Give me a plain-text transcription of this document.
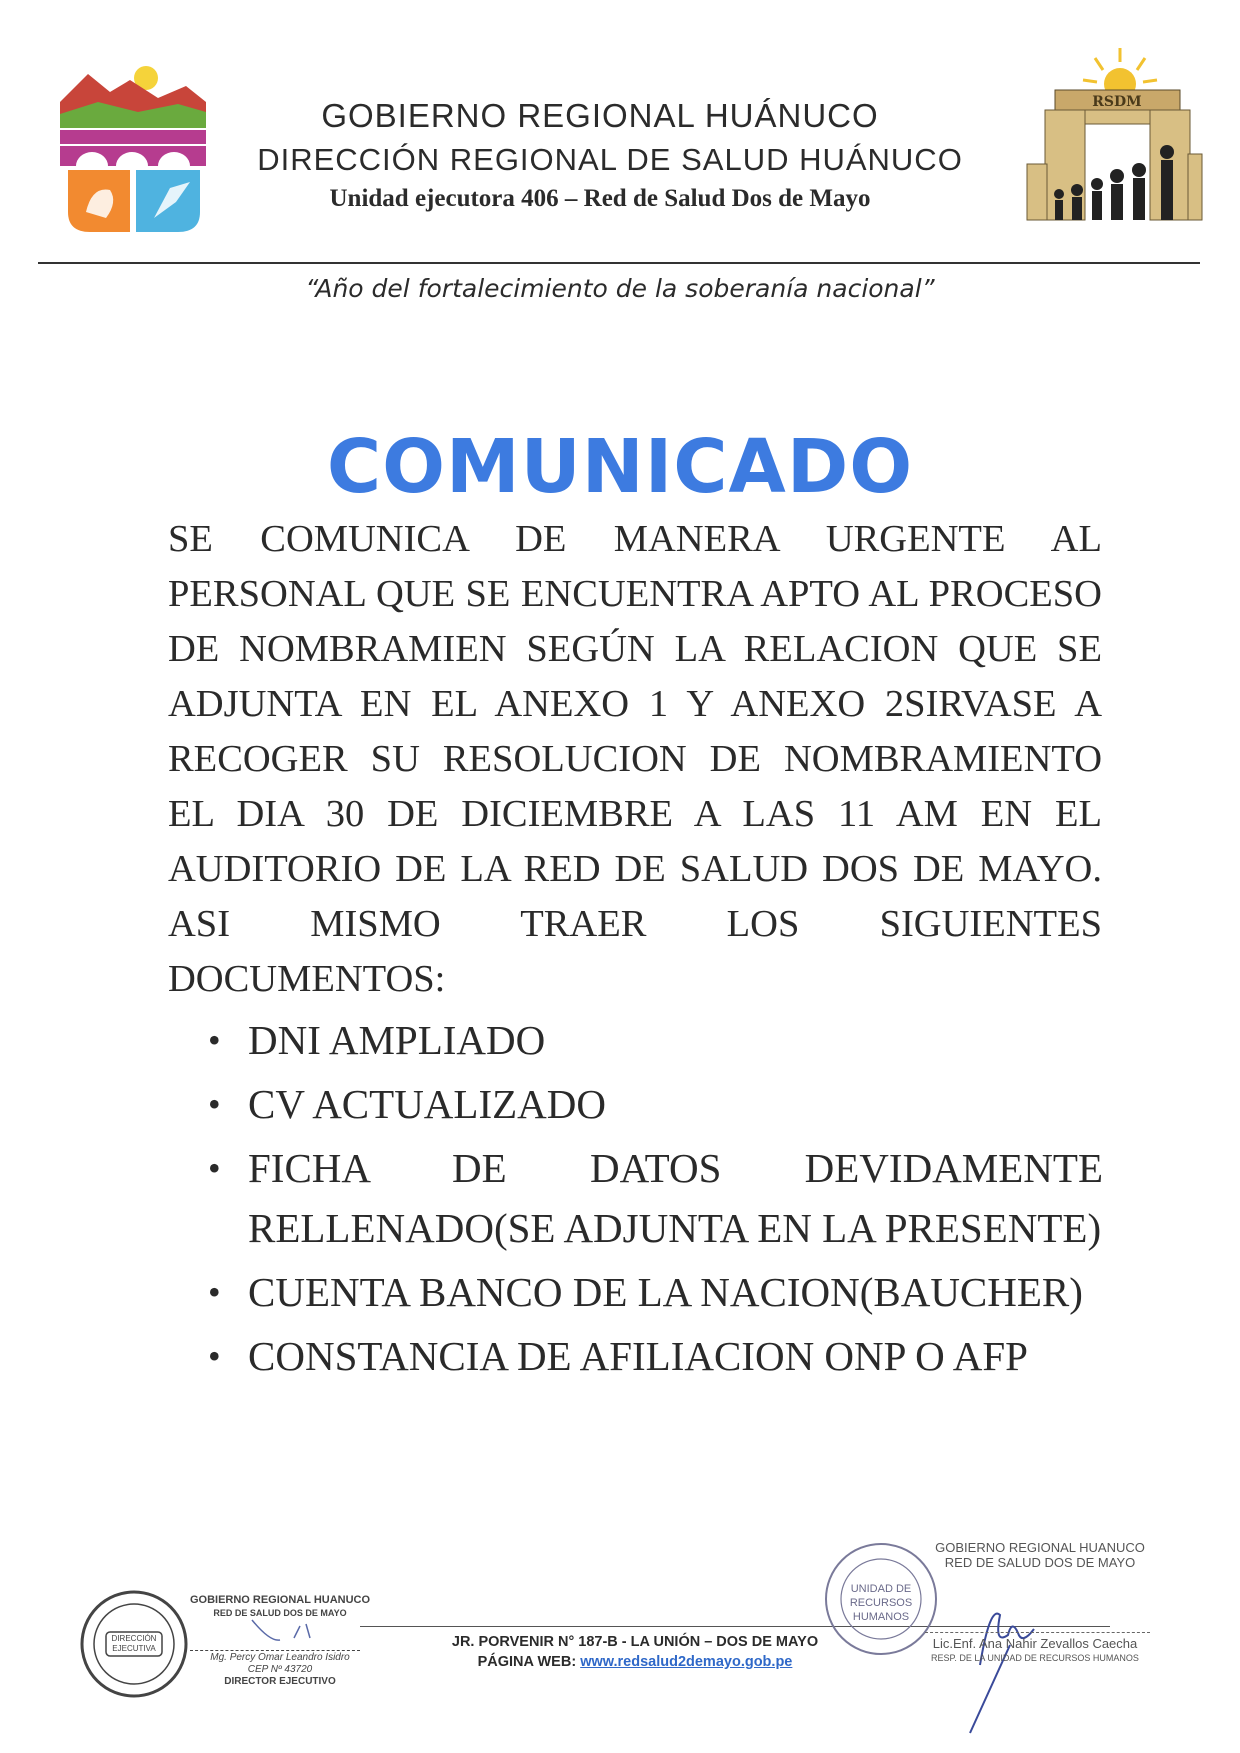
RSDM
GOBIERNO REGIONAL HUÁNUCO
DIRECCIÓN REGIONAL DE SALUD HUÁNUCO
Unidad ejecutora 406 – Red de Salud Dos de Mayo
“Año del fortalecimiento de la soberanía nacional”
COMUNICADO
SE COMUNICA DE MANERA URGENTE AL PERSONAL QUE SE ENCUENTRA APTO AL PROCESO DE NOMBRAMIEN SEGÚN LA RELACION QUE SE ADJUNTA EN EL ANEXO 1 Y ANEXO 2SIRVASE A RECOGER SU RESOLUCION DE NOMBRAMIENTO EL DIA 30 DE DICIEMBRE A LAS 11 AM EN EL AUDITORIO DE LA RED DE SALUD DOS DE MAYO. ASI MISMO TRAER LOS SIGUIENTES DOCUMENTOS:
• DNI AMPLIADO
• CV ACTUALIZADO
• FICHA DE DATOS DEVIDAMENTE RELLENADO(SE ADJUNTA EN LA PRESENTE)
• CUENTA BANCO DE LA NACION(BAUCHER)
• CONSTANCIA DE AFILIACION ONP O AFP
DIRECCIÓN EJECUTIVA
GOBIERNO REGIONAL HUANUCO
RED DE SALUD DOS DE MAYO
Mg. Percy Omar Leandro Isidro
CEP Nº 43720
DIRECTOR EJECUTIVO
JR. PORVENIR N° 187-B - LA UNIÓN – DOS DE MAYO
PÁGINA WEB: www.redsalud2demayo.gob.pe
UNIDAD DE RECURSOS HUMANOS
GOBIERNO REGIONAL HUANUCO
RED DE SALUD DOS DE MAYO
Lic.Enf. Ana Nahir Zevallos Caecha
RESP. DE LA UNIDAD DE RECURSOS HUMANOS
